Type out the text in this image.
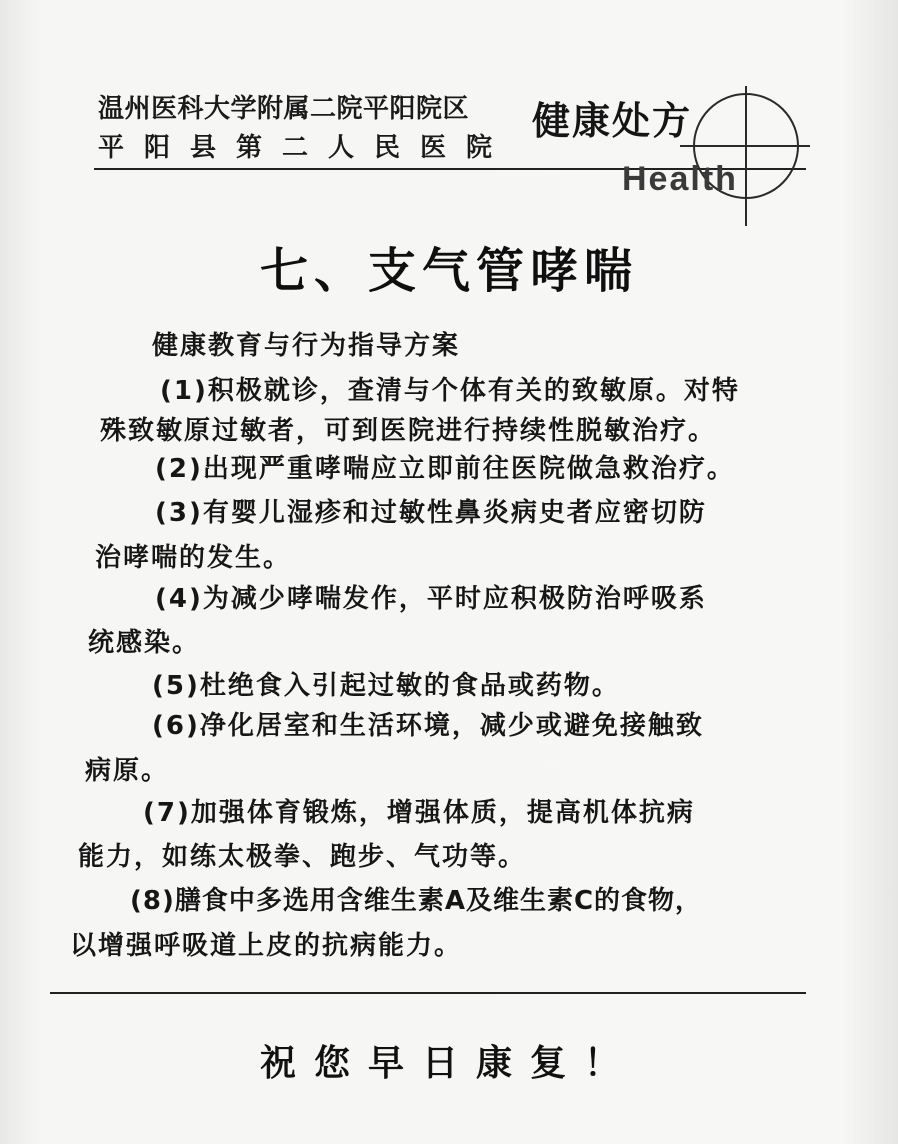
温州医科大学附属二院平阳院区
平阳县第二人民医院
健康处方
Health
七、支气管哮喘
健康教育与行为指导方案
(1)积极就诊，查清与个体有关的致敏原。对特
殊致敏原过敏者，可到医院进行持续性脱敏治疗。
(2)出现严重哮喘应立即前往医院做急救治疗。
(3)有婴儿湿疹和过敏性鼻炎病史者应密切防
治哮喘的发生。
(4)为减少哮喘发作，平时应积极防治呼吸系
统感染。
(5)杜绝食入引起过敏的食品或药物。
(6)净化居室和生活环境，减少或避免接触致
病原。
(7)加强体育锻炼，增强体质，提高机体抗病
能力，如练太极拳、跑步、气功等。
(8)膳食中多选用含维生素A及维生素C的食物，
以增强呼吸道上皮的抗病能力。
祝您早日康复！
